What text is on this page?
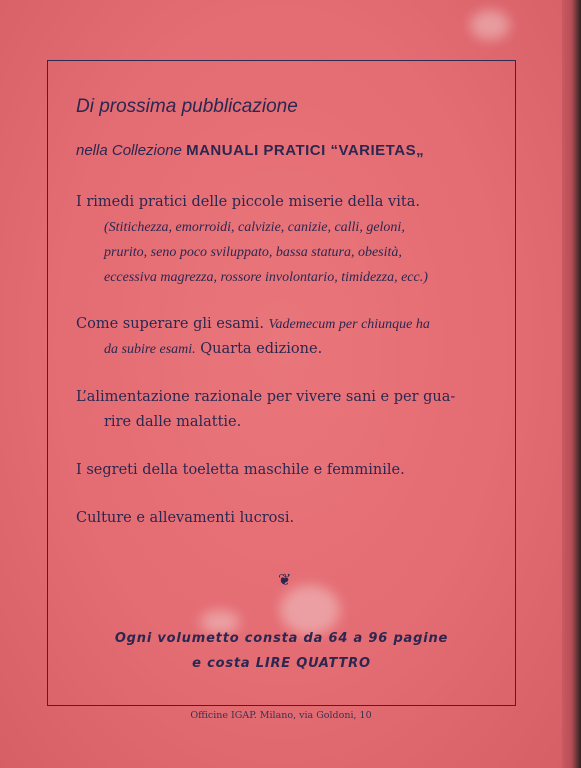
Di prossima pubblicazione
nella Collezione MANUALI PRATICI “VARIETAS„
I rimedi pratici delle piccole miserie della vita.
(Stitichezza, emorroidi, calvizie, canizie, calli, geloni,
prurito, seno poco sviluppato, bassa statura, obesità,
eccessiva magrezza, rossore involontario, timidezza, ecc.)
Come superare gli esami. Vademecum per chiunque ha
da subire esami. Quarta edizione.
L’alimentazione razionale per vivere sani e per gua-
rire dalle malattie.
I segreti della toeletta maschile e femminile.
Culture e allevamenti lucrosi.
❦
Ogni volumetto consta da 64 a 96 pagine
e costa LIRE QUATTRO
Officine IGAP. Milano, via Goldoni, 10
